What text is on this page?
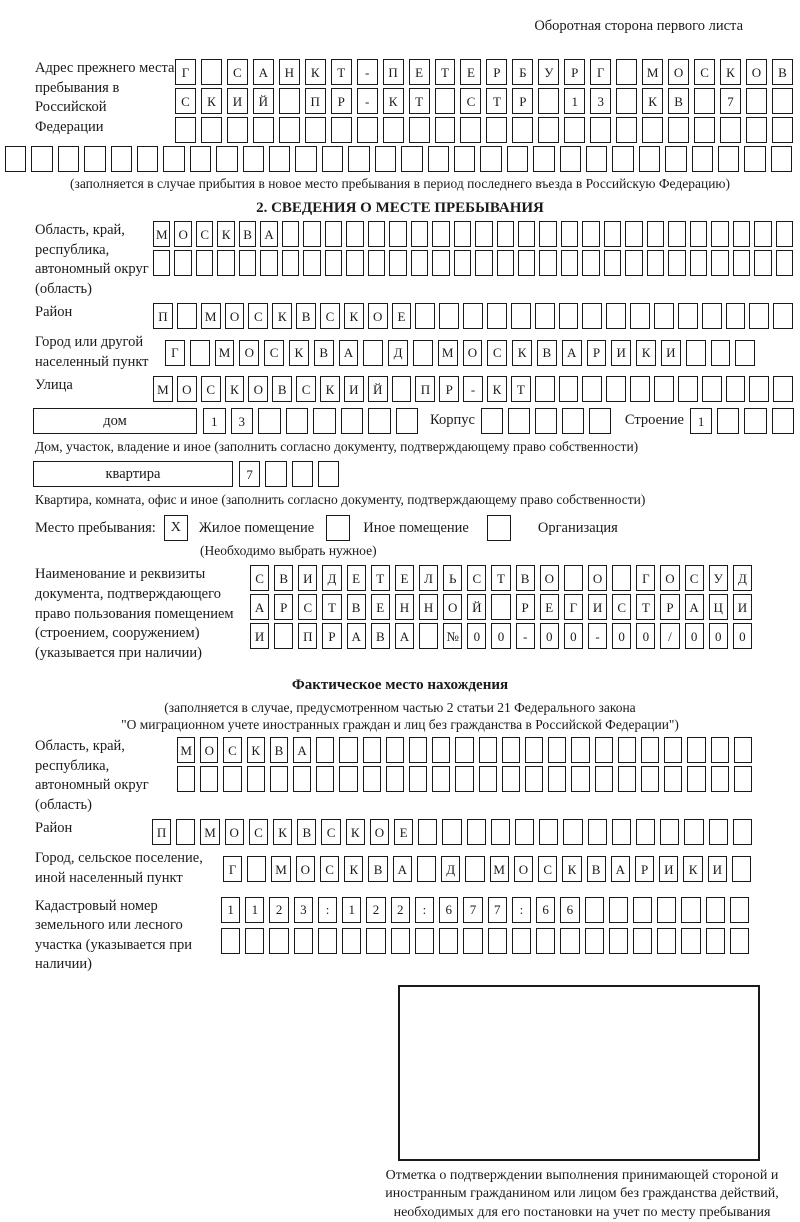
Оборотная сторона первого листа
Адрес прежнего места пребывания в Российской Федерации
Г	С	А	Н	К	Т	-	П	Е	Т	Е	Р	Б	У	Р	Г	М	О	С	К	О	В
С	К	И	Й	П	Р	-	К	Т	С	Т	Р	1	3	К	В	7
(заполняется в случае прибытия в новое место пребывания в период последнего въезда в Российскую Федерацию)
2. СВЕДЕНИЯ О МЕСТЕ ПРЕБЫВАНИЯ
Область, край, республика, автономный округ (область)
М О С К В А
Район	П	М	О	С	К	В	С	К	О	Е
Город или другой населенный пункт
Г	М	О	С	К	В	А	Д	М	О	С	К	В	А	Р	И	К	И
Улица	М	О	С	К	О	В	С	К	И	Й	П	Р	-	К	Т
дом	1	3	Корпус	Строение	1
Дом, участок, владение и иное (заполнить согласно документу, подтверждающему право собственности)
квартира	7
Квартира, комната, офис и иное (заполнить согласно документу, подтверждающему право собственности)
Место пребывания:	X	Жилое помещение	Иное помещение	Организация
(Необходимо выбрать нужное)
Наименование и реквизиты документа, подтверждающего право пользования помещением (строением, сооружением) (указывается при наличии)
С	В	И	Д	Е	Т	Е	Л	Ь	С	Т	В	О	О	Г	О	С	У	Д
А	Р	С	Т	В	Е	Н	Н	О	Й	Р	Е	Г	И	С	Т	Р	А	Ц	И
И	П	Р	А	В	А	№	0	0	-	0	0	-	0	0	/	0	0	0
Фактическое место нахождения
(заполняется в случае, предусмотренном частью 2 статьи 21 Федерального закона
"О миграционном учете иностранных граждан и лиц без гражданства в Российской Федерации")
Область, край, республика, автономный округ (область)
М О	С	К	В	А
Район	П	М	О	С	К	В	С	К	О	Е
Город, сельское поселение, иной населенный пункт
Г	М	О	С	К	В	А	Д	М	О	С	К	В	А	Р	И	К	И
Кадастровый номер земельного или лесного участка (указывается при наличии)
1	1	2	3	:	1	2	2	:	6	7	7	:	6	6
Отметка о подтверждении выполнения принимающей стороной и иностранным гражданином или лицом без гражданства действий, необходимых для его постановки на учет по месту пребывания
